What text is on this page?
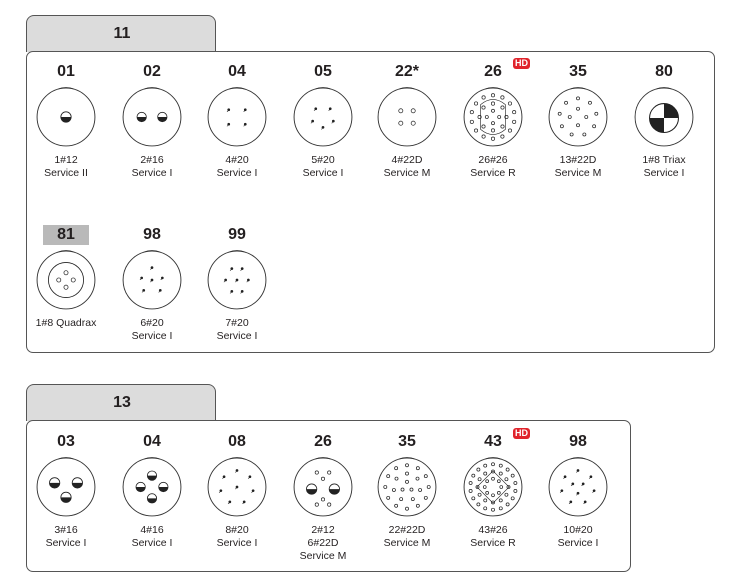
11
13
01
1#12
Service II
02
2#16
Service I
04
4#20
Service I
05
5#20
Service I
22*
4#22D
Service M
26 HD
26#26
Service R
35
13#22D
Service M
80
1#8 Triax
Service I
81
1#8 Quadrax
98
6#20
Service I
99
7#20
Service I
03
3#16
Service I
04
4#16
Service I
08
8#20
Service I
26
2#12
6#22D
Service M
35
22#22D
Service M
43 HD
43#26
Service R
98
10#20
Service I
